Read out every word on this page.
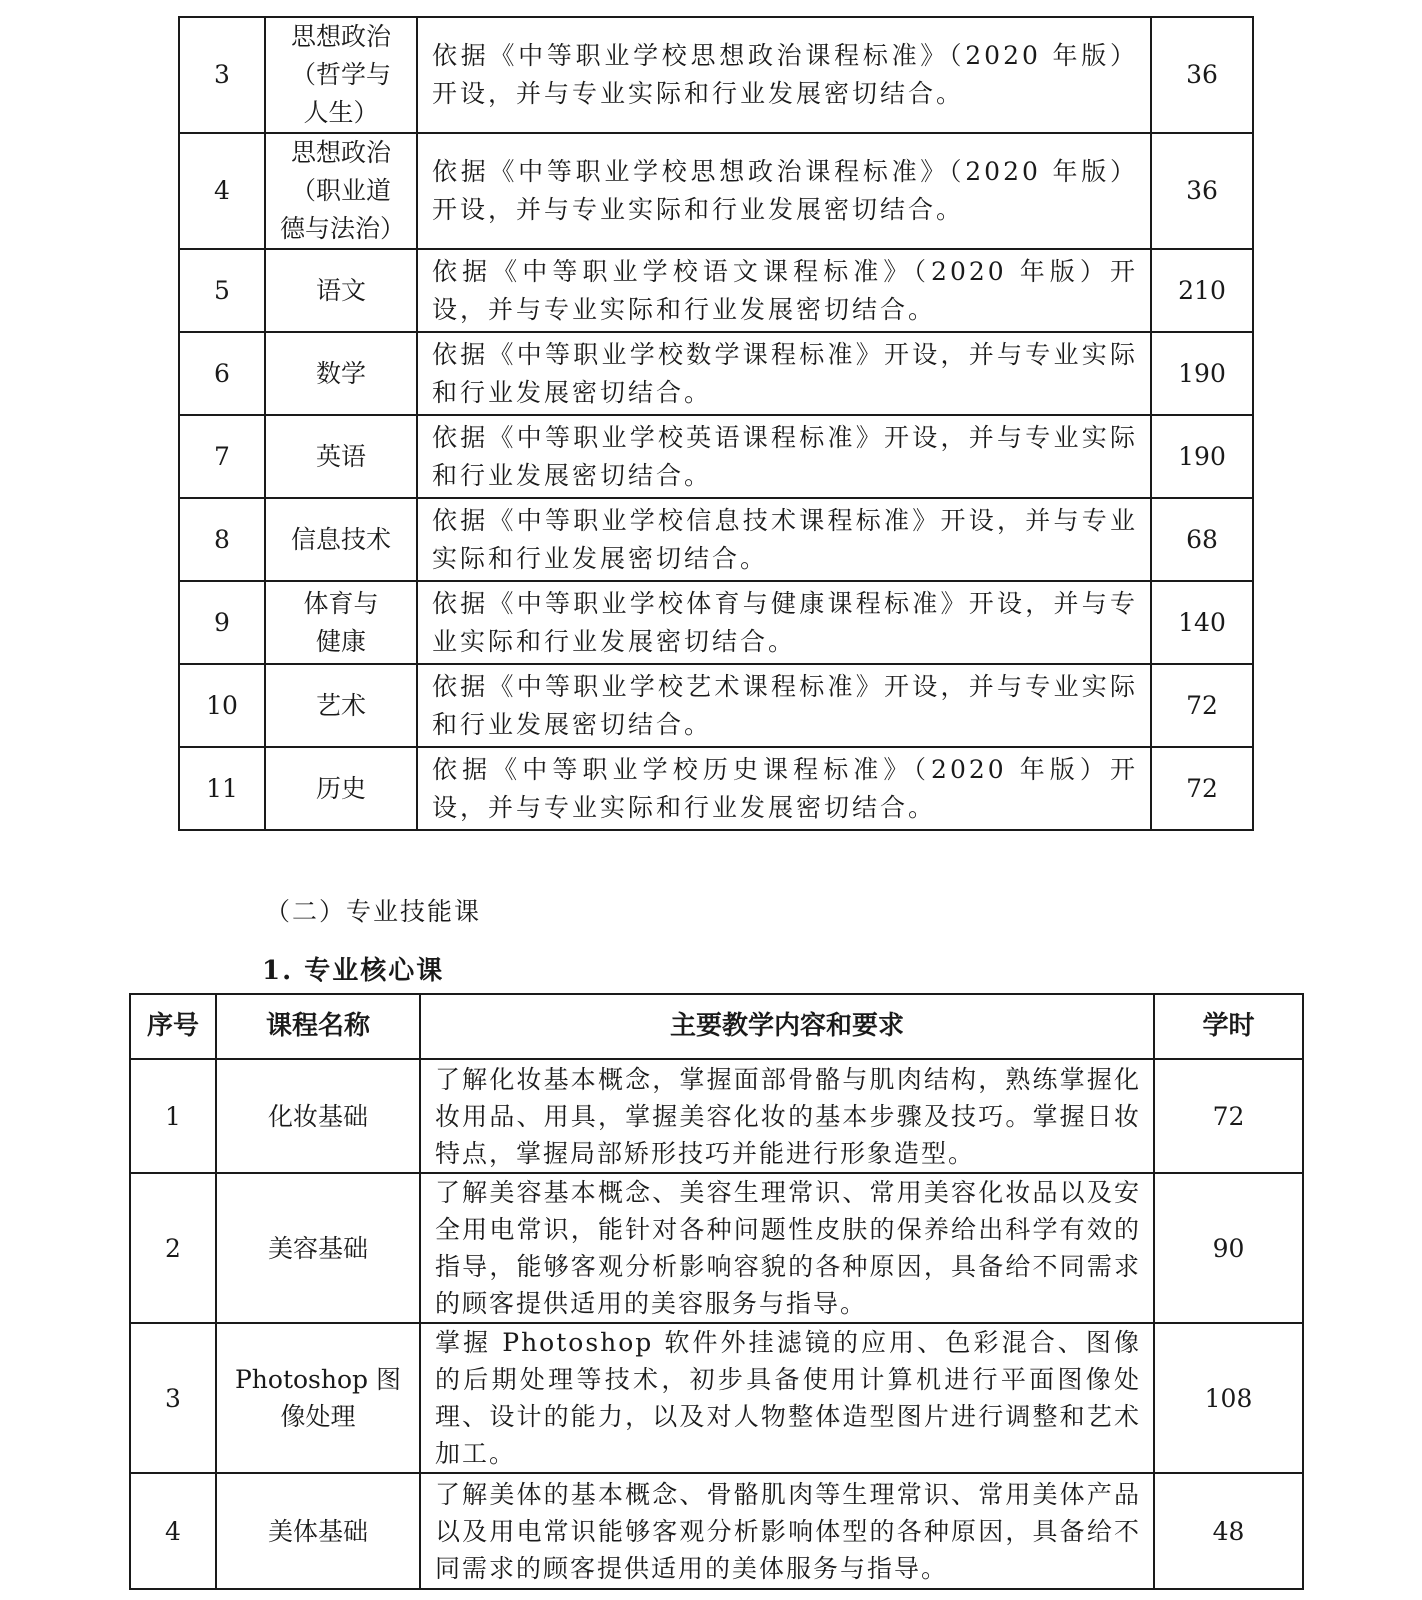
3	思想政治（哲学与人生）	依据《中等职业学校思想政治课程标准》（2020 年版）开设，并与专业实际和行业发展密切结合。	36
4	思想政治（职业道德与法治）	依据《中等职业学校思想政治课程标准》（2020 年版）开设，并与专业实际和行业发展密切结合。	36
5	语文	依据《中等职业学校语文课程标准》（2020 年版）开设，并与专业实际和行业发展密切结合。	210
6	数学	依据《中等职业学校数学课程标准》开设，并与专业实际和行业发展密切结合。	190
7	英语	依据《中等职业学校英语课程标准》开设，并与专业实际和行业发展密切结合。	190
8	信息技术	依据《中等职业学校信息技术课程标准》开设，并与专业实际和行业发展密切结合。	68
9	体育与健康	依据《中等职业学校体育与健康课程标准》开设，并与专业实际和行业发展密切结合。	140
10	艺术	依据《中等职业学校艺术课程标准》开设，并与专业实际和行业发展密切结合。	72
11	历史	依据《中等职业学校历史课程标准》（2020 年版）开设，并与专业实际和行业发展密切结合。	72
（二）专业技能课
1. 专业核心课
序号	课程名称	主要教学内容和要求	学时
1	化妆基础	了解化妆基本概念，掌握面部骨骼与肌肉结构，熟练掌握化妆用品、用具，掌握美容化妆的基本步骤及技巧。掌握日妆特点，掌握局部矫形技巧并能进行形象造型。	72
2	美容基础	了解美容基本概念、美容生理常识、常用美容化妆品以及安全用电常识，能针对各种问题性皮肤的保养给出科学有效的指导，能够客观分析影响容貌的各种原因，具备给不同需求的顾客提供适用的美容服务与指导。	90
3	Photoshop 图像处理	掌握 Photoshop 软件外挂滤镜的应用、色彩混合、图像的后期处理等技术，初步具备使用计算机进行平面图像处理、设计的能力，以及对人物整体造型图片进行调整和艺术加工。	108
4	美体基础	了解美体的基本概念、骨骼肌肉等生理常识、常用美体产品以及用电常识能够客观分析影响体型的各种原因，具备给不同需求的顾客提供适用的美体服务与指导。	48
